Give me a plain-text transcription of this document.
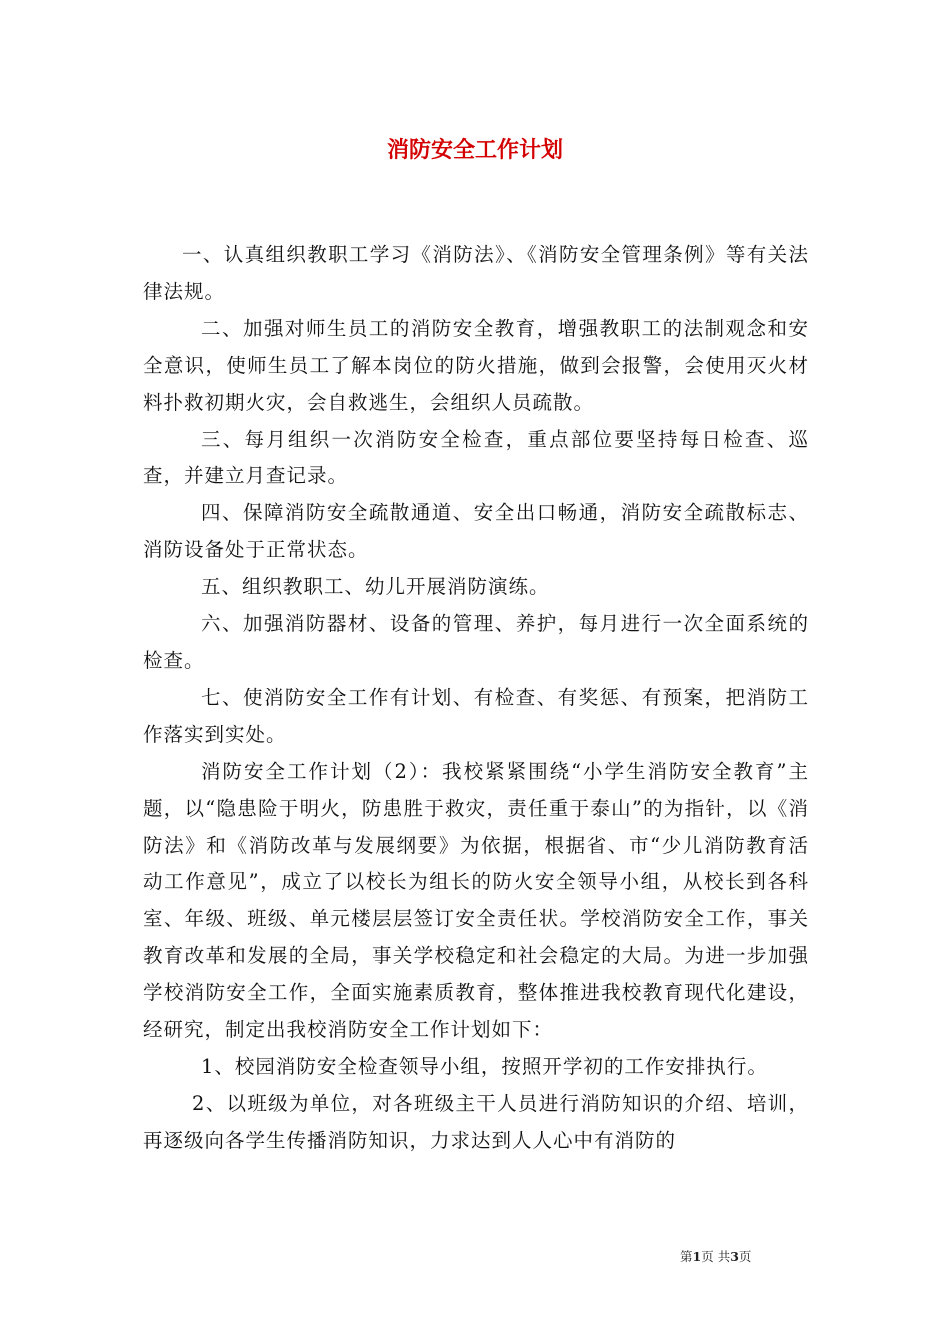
消防安全工作计划

一、认真组织教职工学习《消防法》、《消防安全管理条例》等有关法律法规。

二、加强对师生员工的消防安全教育，增强教职工的法制观念和安全意识，使师生员工了解本岗位的防火措施，做到会报警，会使用灭火材料扑救初期火灾，会自救逃生，会组织人员疏散。

三、每月组织一次消防安全检查，重点部位要坚持每日检查、巡查，并建立月查记录。

四、保障消防安全疏散通道、安全出口畅通，消防安全疏散标志、消防设备处于正常状态。

五、组织教职工、幼儿开展消防演练。

六、加强消防器材、设备的管理、养护，每月进行一次全面系统的检查。

七、使消防安全工作有计划、有检查、有奖惩、有预案，把消防工作落实到实处。

消防安全工作计划（2）：我校紧紧围绕“小学生消防安全教育”主题，以“隐患险于明火，防患胜于救灾，责任重于泰山”的为指针，以《消防法》和《消防改革与发展纲要》为依据，根据省、市“少儿消防教育活动工作意见”，成立了以校长为组长的防火安全领导小组，从校长到各科室、年级、班级、单元楼层层签订安全责任状。学校消防安全工作，事关教育改革和发展的全局，事关学校稳定和社会稳定的大局。为进一步加强学校消防安全工作，全面实施素质教育，整体推进我校教育现代化建设，经研究，制定出我校消防安全工作计划如下：

1、校园消防安全检查领导小组，按照开学初的工作安排执行。

2、以班级为单位，对各班级主干人员进行消防知识的介绍、培训，再逐级向各学生传播消防知识，力求达到人人心中有消防的

第1页 共3页
